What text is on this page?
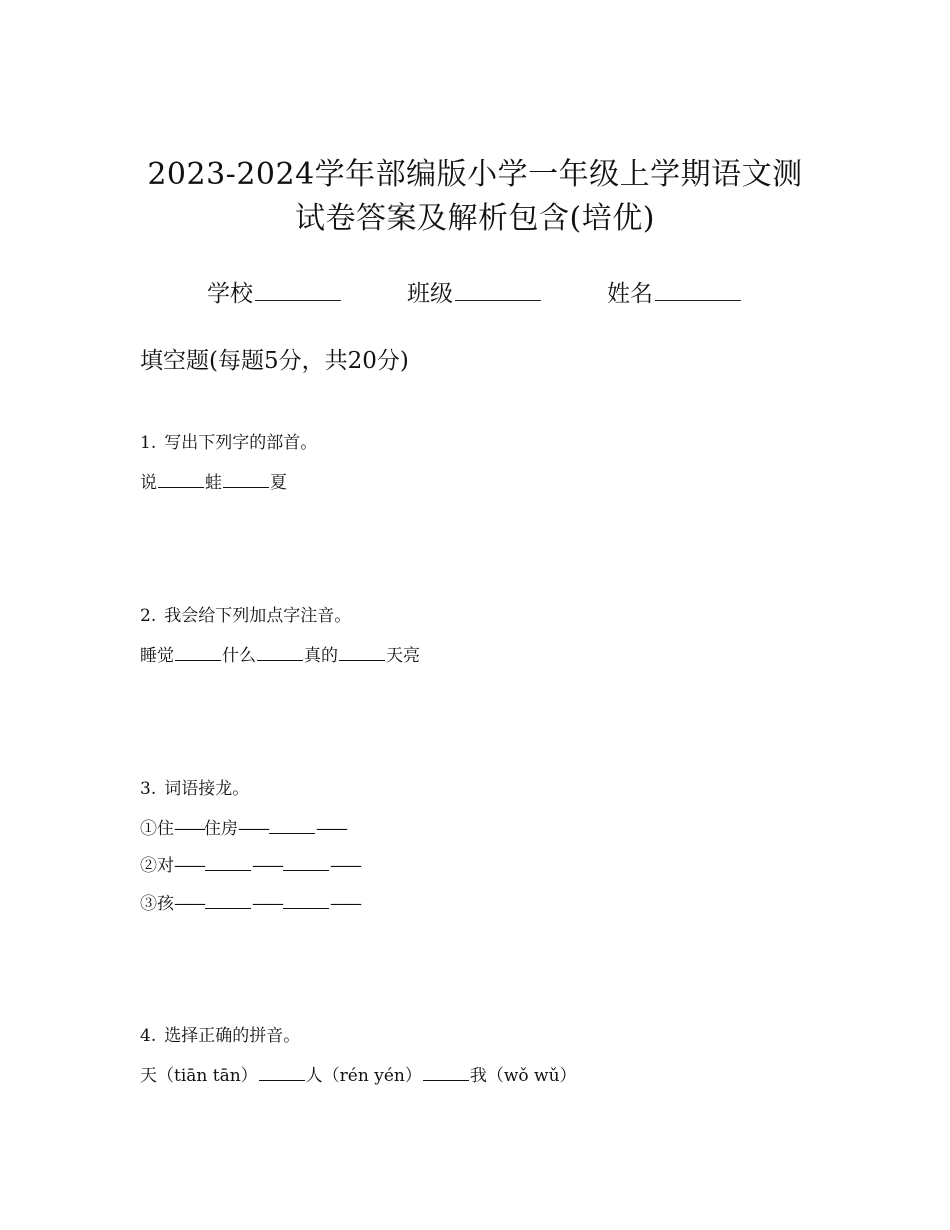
2023-2024学年部编版小学一年级上学期语文测
试卷答案及解析包含(培优)
学校	班级	姓名
填空题(每题5分，共20分)
1. 写出下列字的部首。
说	蛙	夏
2. 我会给下列加点字注音。
睡觉	什么	真的	天亮
3. 词语接龙。
①住——住房——	——
②对——	——	——
③孩——	——	——
4. 选择正确的拼音。
天（tiān tān）	人（rén yén）	我（wǒ wǔ）
